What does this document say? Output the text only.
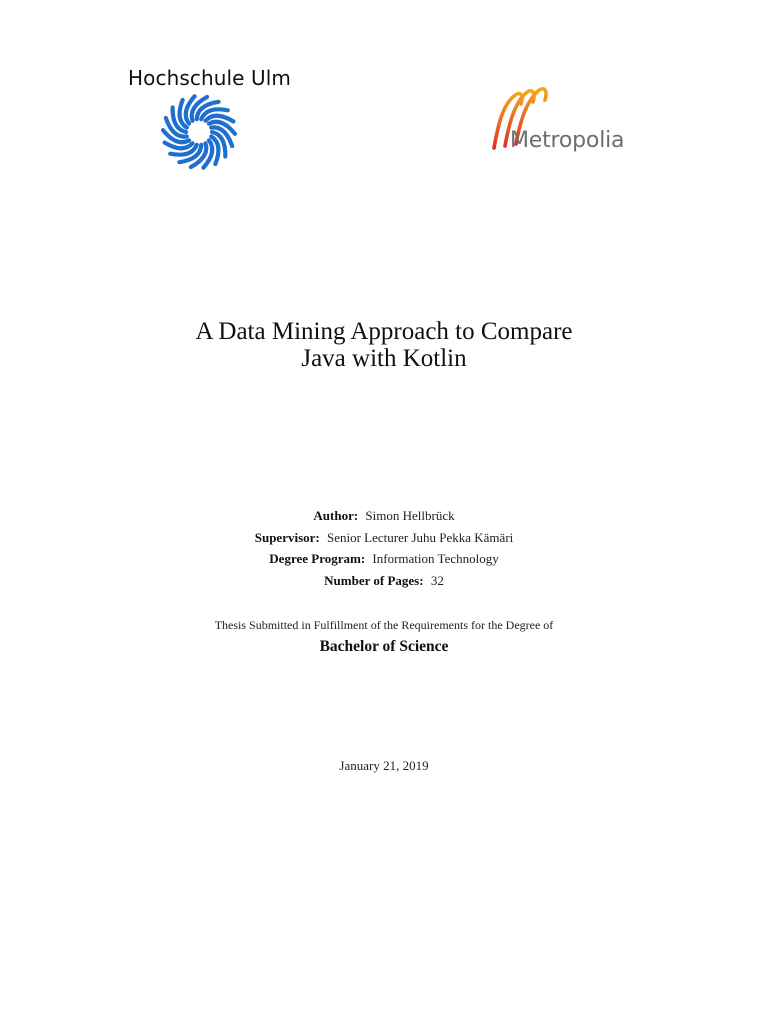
Hochschule Ulm
Metropolia
A Data Mining Approach to Compare
Java with Kotlin
Author: Simon Hellbrück
Supervisor: Senior Lecturer Juhu Pekka Kämäri
Degree Program: Information Technology
Number of Pages: 32
Thesis Submitted in Fulfillment of the Requirements for the Degree of
Bachelor of Science
January 21, 2019
